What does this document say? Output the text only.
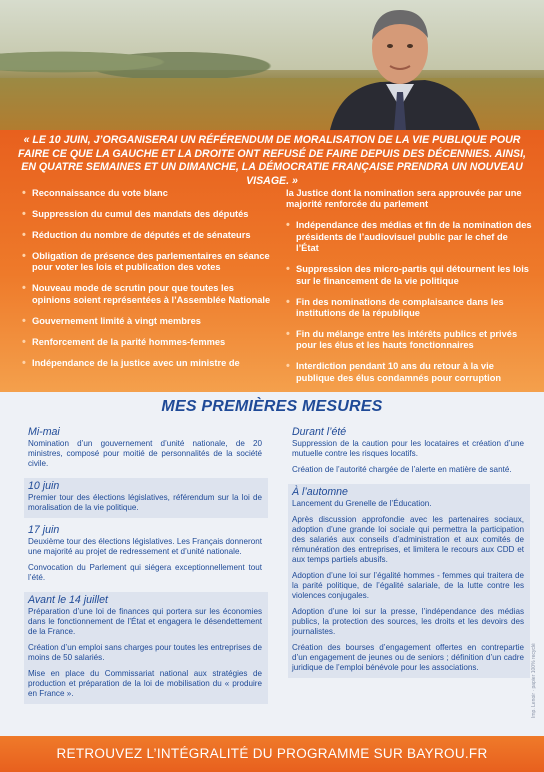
« LE 10 JUIN, J’ORGANISERAI UN RÉFÉRENDUM DE MORALISATION DE LA VIE PUBLIQUE POUR FAIRE CE QUE LA GAUCHE ET LA DROITE ONT REFUSÉ DE FAIRE DEPUIS DES DÉCENNIES. AINSI, EN QUATRE SEMAINES ET UN DIMANCHE, LA DÉMOCRATIE FRANÇAISE PRENDRA UN NOUVEAU VISAGE. »

• Reconnaissance du vote blanc
• Suppression du cumul des mandats des députés
• Réduction du nombre de députés et de sénateurs
• Obligation de présence des parlementaires en séance pour voter les lois et publication des votes
• Nouveau mode de scrutin pour que toutes les opinions soient représentées à l’Assemblée Nationale
• Gouvernement limité à vingt membres
• Renforcement de la parité hommes-femmes
• Indépendance de la justice avec un ministre de
la Justice dont la nomination sera approuvée par une majorité renforcée du parlement
• Indépendance des médias et fin de la nomination des présidents de l’audiovisuel public par le chef de l’État
• Suppression des micro-partis qui détournent les lois sur le financement de la vie politique
• Fin des nominations de complaisance dans les institutions de la république
• Fin du mélange entre les intérêts publics et privés pour les élus et les hauts fonctionnaires
• Interdiction pendant 10 ans du retour à la vie publique des élus condamnés pour corruption
MES PREMIÈRES MESURES
Mi-mai

Nomination d’un gouvernement d’unité nationale, de 20 ministres, composé pour moitié de personnalités de la société civile.

10 juin

Premier tour des élections législatives, référendum sur la loi de moralisation de la vie politique.

17 juin

Deuxième tour des élections législatives. Les Français donneront une majorité au projet de redressement et d’unité nationale.

Convocation du Parlement qui siégera exceptionnellement tout l’été.

Avant le 14 juillet

Préparation d’une loi de finances qui portera sur les économies dans le fonctionnement de l’État et engagera le désendettement de la France.

Création d’un emploi sans charges pour toutes les entreprises de moins de 50 salariés.

Mise en place du Commissariat national aux stratégies de production et préparation de la loi de mobilisation du « produire en France ».

Durant l’été

Suppression de la caution pour les locataires et création d’une mutuelle contre les risques locatifs.

Création de l’autorité chargée de l’alerte en matière de santé.

À l’automne

Lancement du Grenelle de l’Éducation.

Après discussion approfondie avec les partenaires sociaux, adoption d’une grande loi sociale qui permettra la participation des salariés aux conseils d’administration et aux comités de rémunération des entreprises, et limitera le recours aux CDD et aux temps partiels abusifs.

Adoption d’une loi sur l’égalité hommes - femmes qui traitera de la parité politique, de l’égalité salariale, de la lutte contre les violences conjugales.

Adoption d’une loi sur la presse, l’indépendance des médias publics, la protection des sources, les droits et les devoirs des journalistes.

Création des bourses d’engagement offertes en contrepartie d’un engagement de jeunes ou de seniors ; définition d’un cadre juridique de l’emploi bénévole pour les associations.	Imp. Lenoir · papier 100% recyclé
RETROUVEZ L’INTÉGRALITÉ DU PROGRAMME SUR BAYROU.FR
